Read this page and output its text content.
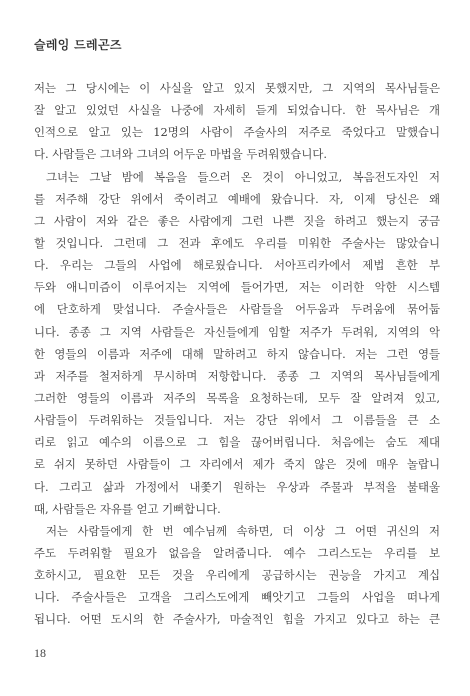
슬레잉 드레곤즈
저는 그 당시에는 이 사실을 알고 있지 못했지만, 그 지역의 목사님들은
잘 알고 있었던 사실을 나중에 자세히 듣게 되었습니다. 한 목사님은 개
인적으로 알고 있는 12명의 사람이 주술사의 저주로 죽었다고 말했습니
다. 사람들은 그녀와 그녀의 어두운 마법을 두려워했습니다.
그녀는 그날 밤에 복음을 들으러 온 것이 아니었고, 복음전도자인 저
를 저주해 강단 위에서 죽이려고 예배에 왔습니다. 자, 이제 당신은 왜
그 사람이 저와 같은 좋은 사람에게 그런 나쁜 짓을 하려고 했는지 궁금
할 것입니다. 그런데 그 전과 후에도 우리를 미워한 주술사는 많았습니
다. 우리는 그들의 사업에 해로웠습니다. 서아프리카에서 제법 흔한 부
두와 애니미즘이 이루어지는 지역에 들어가면, 저는 이러한 악한 시스템
에 단호하게 맞섭니다. 주술사들은 사람들을 어두움과 두려움에 묶어둡
니다. 종종 그 지역 사람들은 자신들에게 임할 저주가 두려워, 지역의 악
한 영들의 이름과 저주에 대해 말하려고 하지 않습니다. 저는 그런 영들
과 저주를 철저하게 무시하며 저항합니다. 종종 그 지역의 목사님들에게
그러한 영들의 이름과 저주의 목록을 요청하는데, 모두 잘 알려져 있고,
사람들이 두려워하는 것들입니다. 저는 강단 위에서 그 이름들을 큰 소
리로 읽고 예수의 이름으로 그 힘을 끊어버립니다. 처음에는 숨도 제대
로 쉬지 못하던 사람들이 그 자리에서 제가 죽지 않은 것에 매우 놀랍니
다. 그리고 삶과 가정에서 내쫓기 원하는 우상과 주물과 부적을 불태울
때, 사람들은 자유를 얻고 기뻐합니다.
저는 사람들에게 한 번 예수님께 속하면, 더 이상 그 어떤 귀신의 저
주도 두려워할 필요가 없음을 알려줍니다. 예수 그리스도는 우리를 보
호하시고, 필요한 모든 것을 우리에게 공급하시는 권능을 가지고 계십
니다. 주술사들은 고객을 그리스도에게 빼앗기고 그들의 사업을 떠나게
됩니다. 어떤 도시의 한 주술사가, 마술적인 힘을 가지고 있다고 하는 큰
18
